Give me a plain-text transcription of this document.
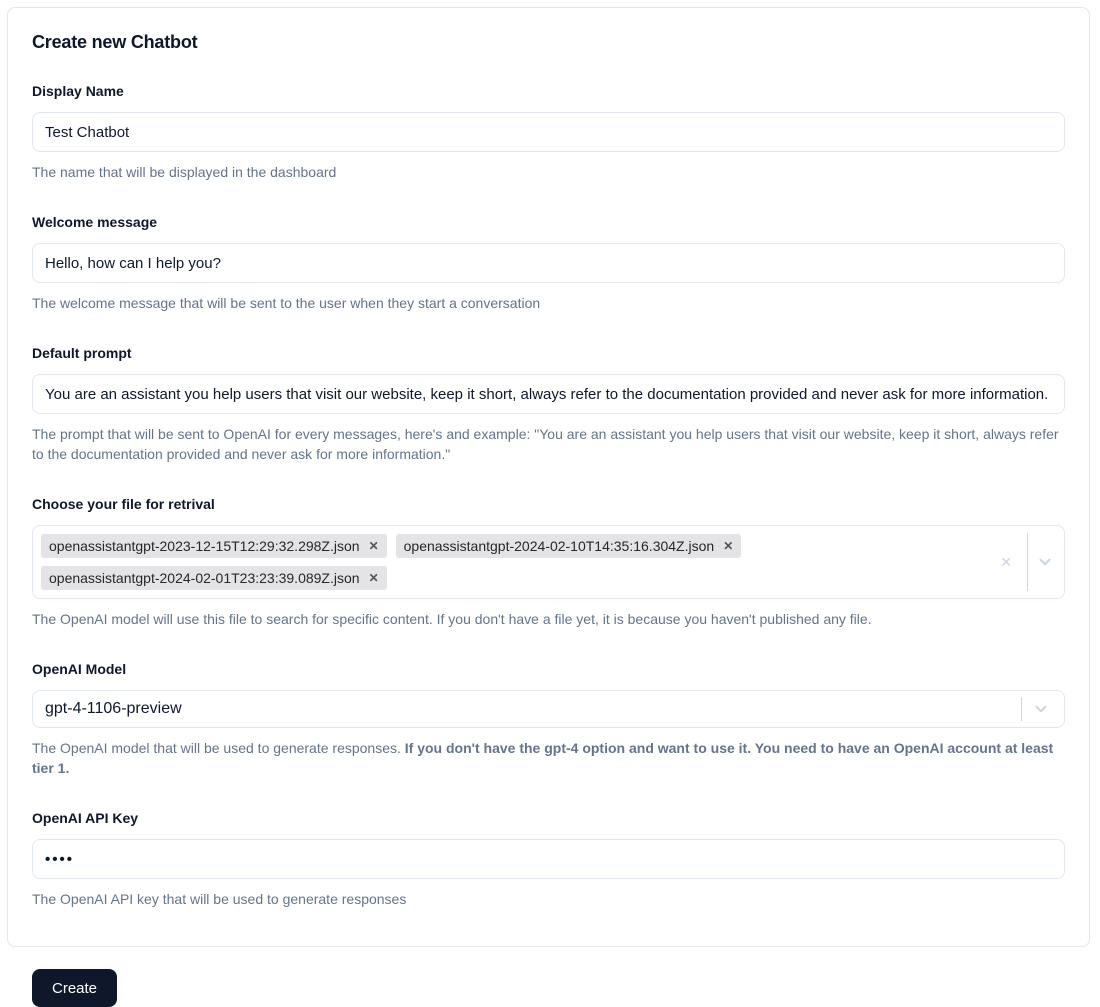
Create new Chatbot
Display Name
Test Chatbot
The name that will be displayed in the dashboard
Welcome message
Hello, how can I help you?
The welcome message that will be sent to the user when they start a conversation
Default prompt
You are an assistant you help users that visit our website, keep it short, always refer to the documentation provided and never ask for more information.
The prompt that will be sent to OpenAI for every messages, here's and example: "You are an assistant you help users that visit our website, keep it short, always refer to the documentation provided and never ask for more information."
Choose your file for retrival
openassistantgpt-2023-12-15T12:29:32.298Z.json ✕ openassistantgpt-2024-02-10T14:35:16.304Z.json ✕
openassistantgpt-2024-02-01T23:23:39.089Z.json ✕
✕
The OpenAI model will use this file to search for specific content. If you don't have a file yet, it is because you haven't published any file.
OpenAI Model
gpt-4-1106-preview
The OpenAI model that will be used to generate responses. If you don't have the gpt-4 option and want to use it. You need to have an OpenAI account at least tier 1.
OpenAI API Key
••••
The OpenAI API key that will be used to generate responses
Create
